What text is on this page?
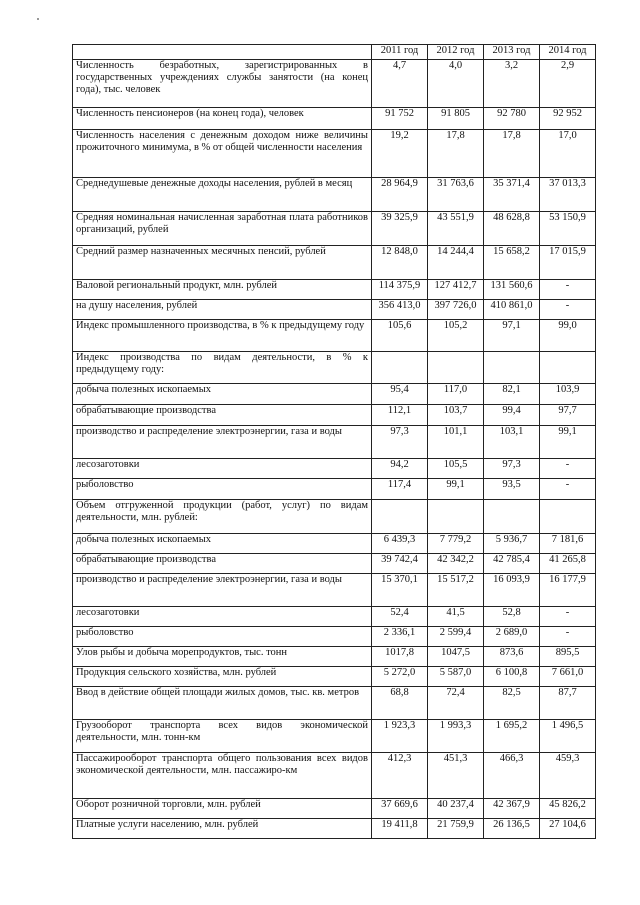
	2011 год	2012 год	2013 год	2014 год
Численность безработных, зарегистрированных в государственных учреждениях службы занятости (на конец года), тыс. человек	4,7	4,0	3,2	2,9
Численность пенсионеров (на конец года), человек	91 752	91 805	92 780	92 952
Численность населения с денежным доходом ниже величины прожиточного минимума, в % от общей численности населения	19,2	17,8	17,8	17,0
Среднедушевые денежные доходы населения, рублей в месяц	28 964,9	31 763,6	35 371,4	37 013,3
Средняя номинальная начисленная заработная плата работников организаций, рублей	39 325,9	43 551,9	48 628,8	53 150,9
Средний размер назначенных месячных пенсий, рублей	12 848,0	14 244,4	15 658,2	17 015,9
Валовой региональный продукт, млн. рублей	114 375,9	127 412,7	131 560,6	-
на душу населения, рублей	356 413,0	397 726,0	410 861,0	-
Индекс промышленного производства, в % к предыдущему году	105,6	105,2	97,1	99,0
Индекс производства по видам деятельности, в % к предыдущему году:				
добыча полезных ископаемых	95,4	117,0	82,1	103,9
обрабатывающие производства	112,1	103,7	99,4	97,7
производство и распределение электроэнергии, газа и воды	97,3	101,1	103,1	99,1
лесозаготовки	94,2	105,5	97,3	-
рыболовство	117,4	99,1	93,5	-
Объем отгруженной продукции (работ, услуг) по видам деятельности, млн. рублей:				
добыча полезных ископаемых	6 439,3	7 779,2	5 936,7	7 181,6
обрабатывающие производства	39 742,4	42 342,2	42 785,4	41 265,8
производство и распределение электроэнергии, газа и воды	15 370,1	15 517,2	16 093,9	16 177,9
лесозаготовки	52,4	41,5	52,8	-
рыболовство	2 336,1	2 599,4	2 689,0	-
Улов рыбы и добыча морепродуктов, тыс. тонн	1017,8	1047,5	873,6	895,5
Продукция сельского хозяйства, млн. рублей	5 272,0	5 587,0	6 100,8	7 661,0
Ввод в действие общей площади жилых домов, тыс. кв. метров	68,8	72,4	82,5	87,7
Грузооборот транспорта всех видов экономической деятельности, млн. тонн-км	1 923,3	1 993,3	1 695,2	1 496,5
Пассажирооборот транспорта общего пользования всех видов экономической деятельности, млн. пассажиро-км	412,3	451,3	466,3	459,3
Оборот розничной торговли, млн. рублей	37 669,6	40 237,4	42 367,9	45 826,2
Платные услуги населению, млн. рублей	19 411,8	21 759,9	26 136,5	27 104,6
